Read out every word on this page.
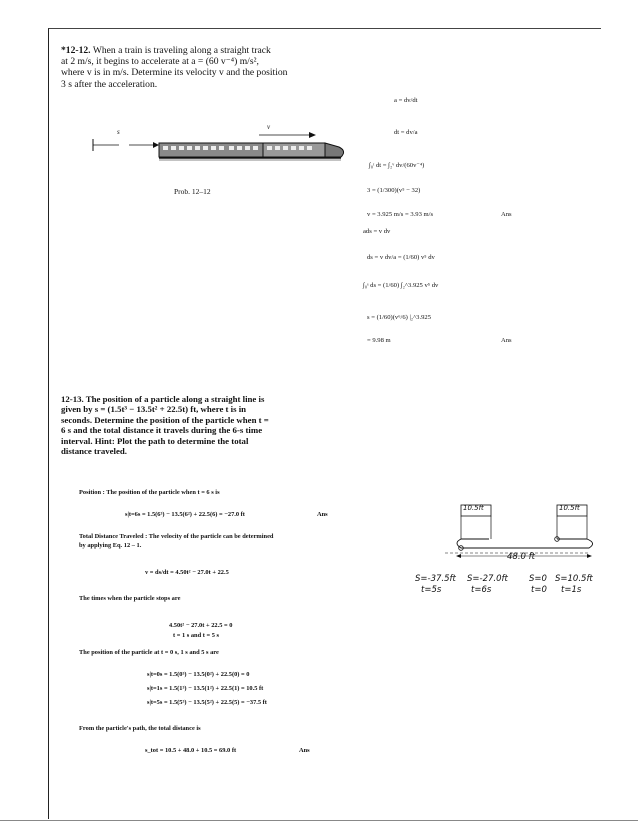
*12-12. When a train is traveling along a straight track
at 2 m/s, it begins to accelerate at a = (60 v⁻⁴) m/s²,
where v is in m/s. Determine its velocity v and the position
3 s after the acceleration.
s
v
Prob. 12–12
a = dv/dt
dt = dv/a
∫₀ᵗ dt = ∫₂ᵛ dv/(60v⁻⁴)
3 = (1/300)(v⁵ − 32)
v = 3.925 m/s = 3.93 m/s	Ans
ads = v dv
ds = v dv/a = (1/60) v⁵ dv
∫₀ˢ ds = (1/60) ∫₂^3.925 v⁵ dv
s = (1/60)(v⁶/6) |₂^3.925
= 9.98 m	Ans
12-13. The position of a particle along a straight line is
given by s = (1.5t³ − 13.5t² + 22.5t) ft, where t is in
seconds. Determine the position of the particle when t =
6 s and the total distance it travels during the 6-s time
interval. Hint: Plot the path to determine the total
distance traveled.
Position : The position of the particle when t = 6 s is
s|t=6s = 1.5(6³) − 13.5(6²) + 22.5(6) = −27.0 ft	Ans
Total Distance Traveled : The velocity of the particle can be determined
by applying Eq. 12 – 1.
v = ds/dt = 4.50t² − 27.0t + 22.5
The times when the particle stops are
4.50t² − 27.0t + 22.5 = 0
t = 1 s and t = 5 s
The position of the particle at t = 0 s, 1 s and 5 s are
s|t=0s = 1.5(0³) − 13.5(0²) + 22.5(0) = 0
s|t=1s = 1.5(1³) − 13.5(1²) + 22.5(1) = 10.5 ft
s|t=5s = 1.5(5³) − 13.5(5²) + 22.5(5) = −37.5 ft
From the particle's path, the total distance is
s_tot = 10.5 + 48.0 + 10.5 = 69.0 ft	Ans
10.5ft	10.5ft
48.0 ft
S=-37.5ft
t=5s
S=-27.0ft
t=6s
S=0
t=0
S=10.5ft
t=1s
